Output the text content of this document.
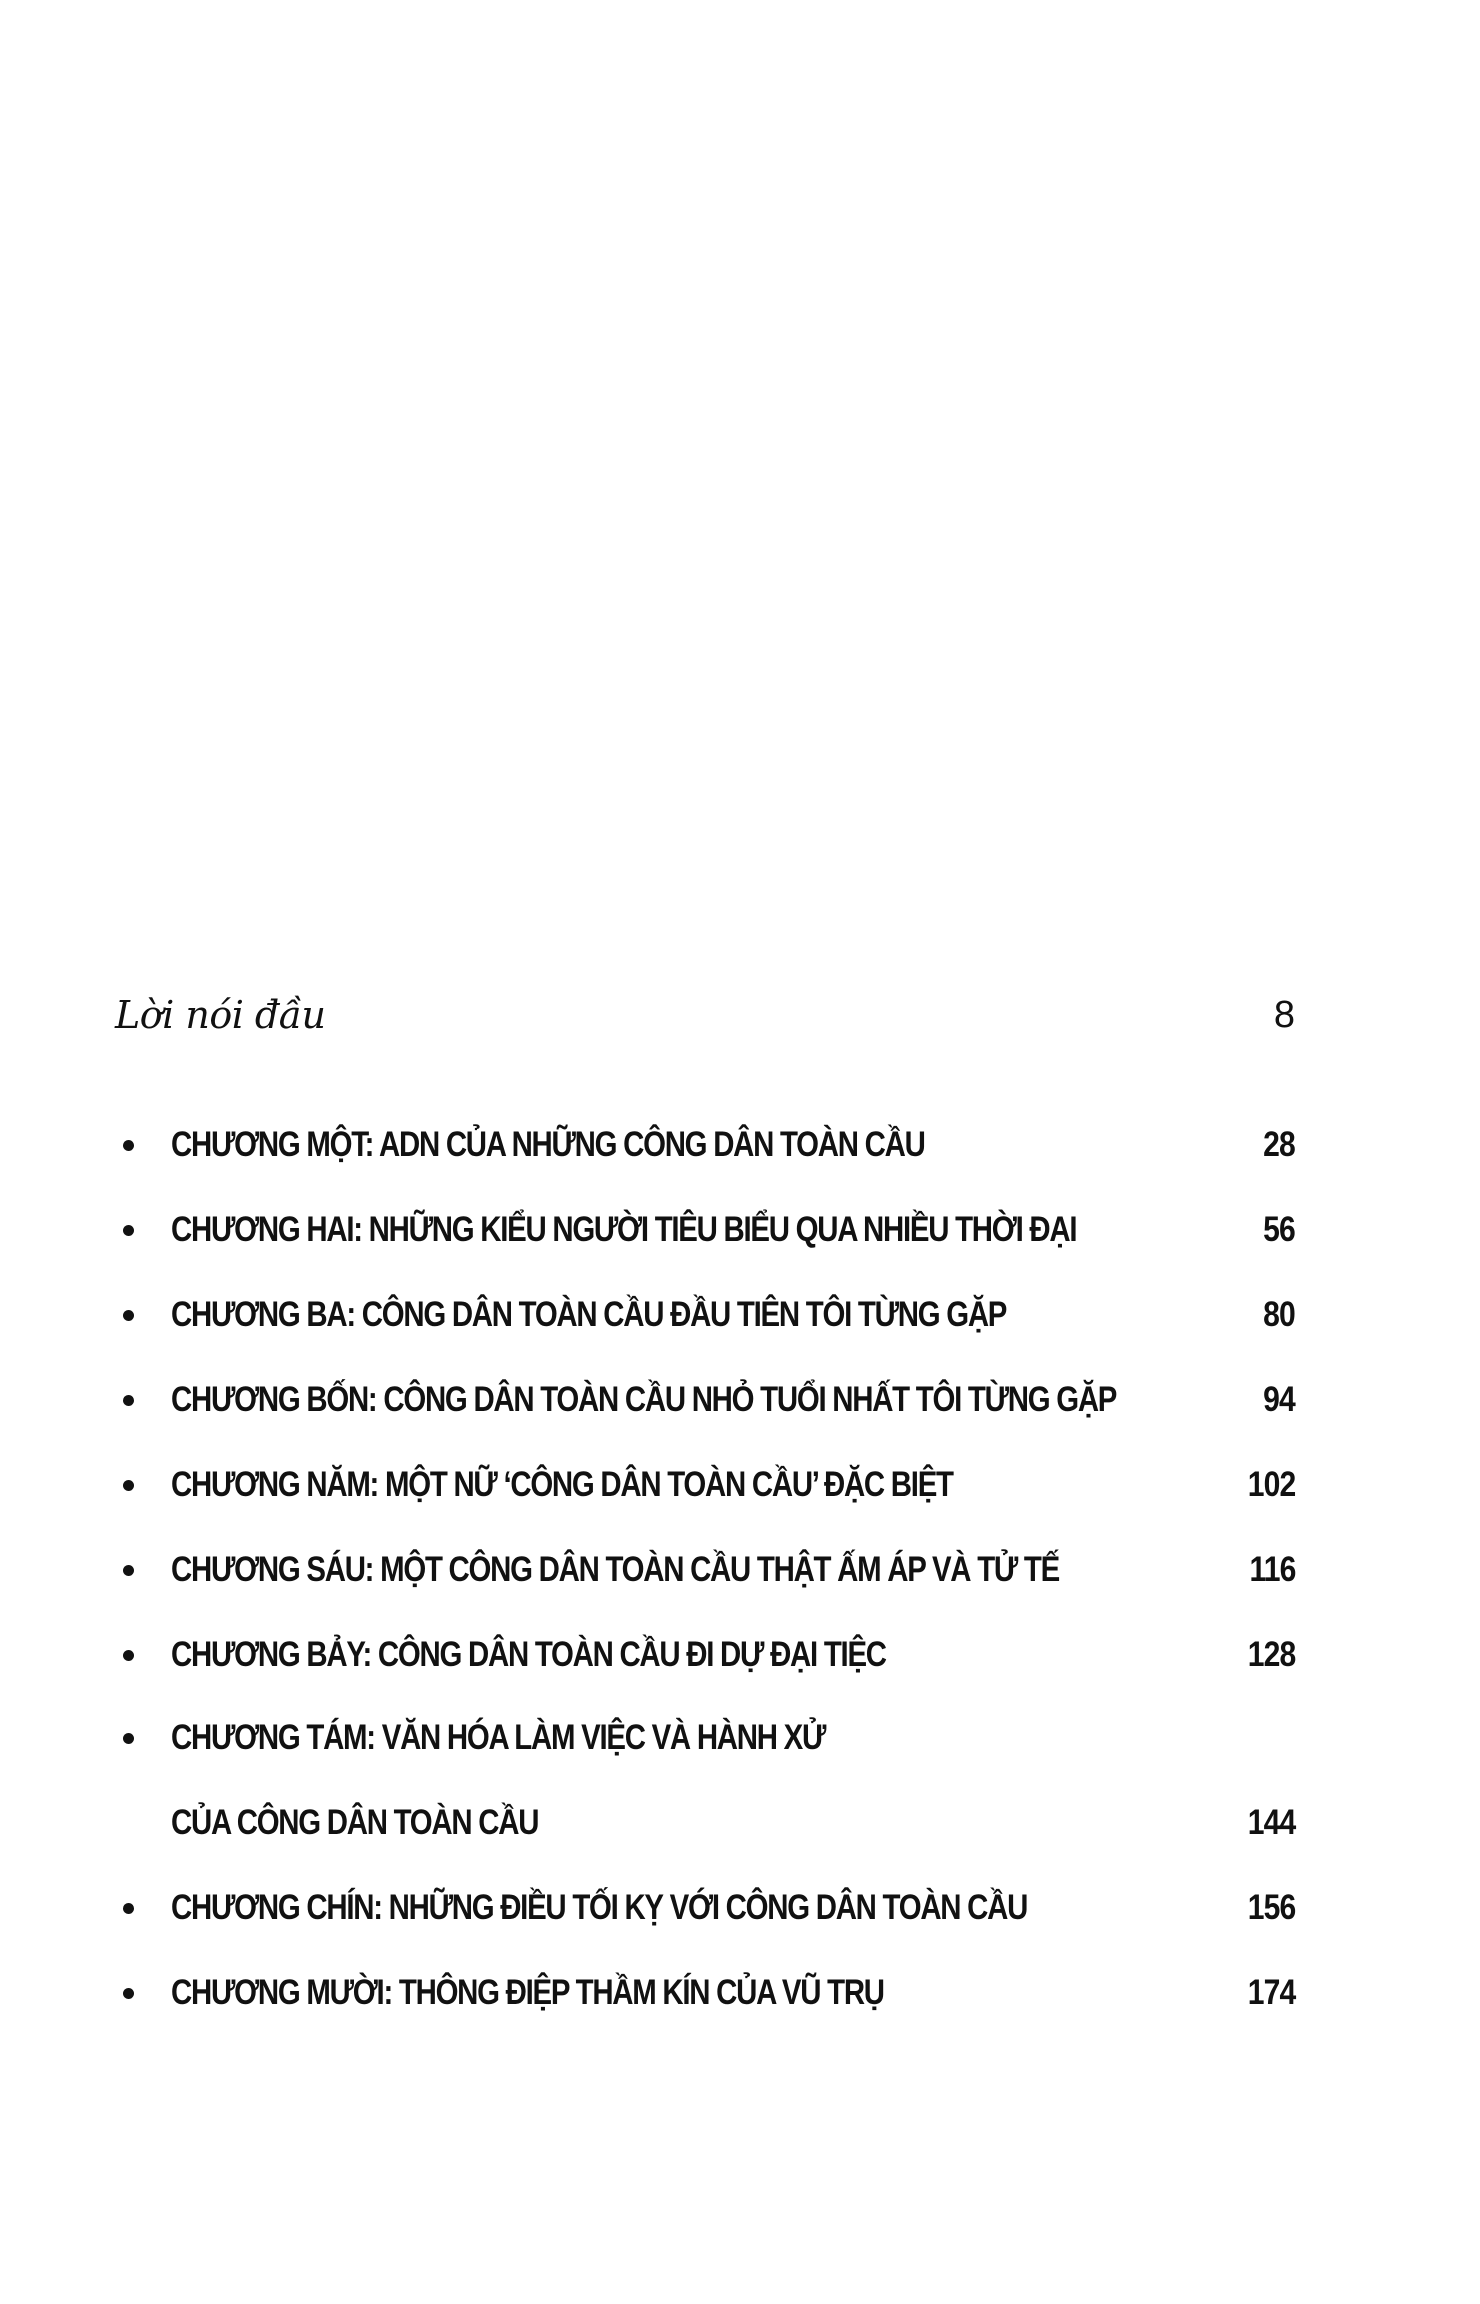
Lời nói đầu	8
CHƯƠNG MỘT: ADN CỦA NHỮNG CÔNG DÂN TOÀN CẦU	28
CHƯƠNG HAI: NHỮNG KIỂU NGƯỜI TIÊU BIỂU QUA NHIỀU THỜI ĐẠI	56
CHƯƠNG BA: CÔNG DÂN TOÀN CẦU ĐẦU TIÊN TÔI TỪNG GẶP	80
CHƯƠNG BỐN: CÔNG DÂN TOÀN CẦU NHỎ TUỔI NHẤT TÔI TỪNG GẶP	94
CHƯƠNG NĂM: MỘT NỮ ‘CÔNG DÂN TOÀN CẦU’ ĐẶC BIỆT	102
CHƯƠNG SÁU: MỘT CÔNG DÂN TOÀN CẦU THẬT ẤM ÁP VÀ TỬ TẾ	116
CHƯƠNG BẢY: CÔNG DÂN TOÀN CẦU ĐI DỰ ĐẠI TIỆC	128
CHƯƠNG TÁM: VĂN HÓA LÀM VIỆC VÀ HÀNH XỬ
CỦA CÔNG DÂN TOÀN CẦU	144
CHƯƠNG CHÍN: NHỮNG ĐIỀU TỐI KỴ VỚI CÔNG DÂN TOÀN CẦU	156
CHƯƠNG MƯỜI: THÔNG ĐIỆP THẦM KÍN CỦA VŨ TRỤ	174
